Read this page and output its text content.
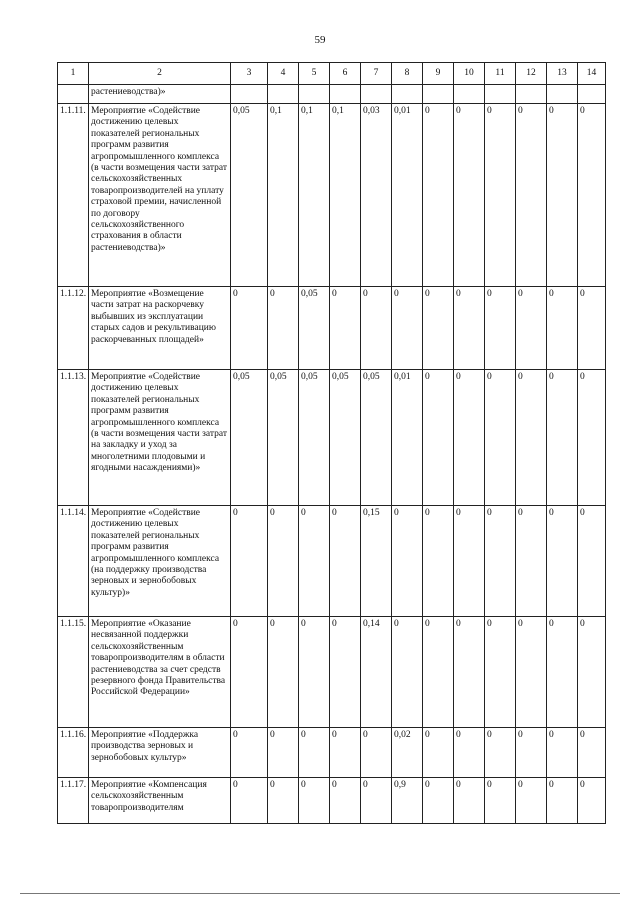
59
1	2	3	4	5	6	7	8	9	10	11	12	13	14
	растениеводства)»												
1.1.11.	Мероприятие «Содействие достижению целевых показателей региональных программ развития агропромышленного комплекса (в части возмещения части затрат сельскохозяйственных товаропроизводителей на уплату страховой премии, начисленной по договору сельскохозяйственного страхования в области растениеводства)»	0,05	0,1	0,1	0,1	0,03	0,01	0	0	0	0	0	0
1.1.12.	Мероприятие «Возмещение части затрат на раскорчевку выбывших из эксплуатации старых садов и рекультивацию раскорчеванных площадей»	0	0	0,05	0	0	0	0	0	0	0	0	0
1.1.13.	Мероприятие «Содействие достижению целевых показателей региональных программ развития агропромышленного комплекса (в части возмещения части затрат на закладку и уход за многолетними плодовыми и ягодными насаждениями)»	0,05	0,05	0,05	0,05	0,05	0,01	0	0	0	0	0	0
1.1.14.	Мероприятие «Содействие достижению целевых показателей региональных программ развития агропромышленного комплекса (на поддержку производства зерновых и зернобобовых культур)»	0	0	0	0	0,15	0	0	0	0	0	0	0
1.1.15.	Мероприятие «Оказание несвязанной поддержки сельскохозяйственным товаропроизводителям в области растениеводства за счет средств резервного фонда Правительства Российской Федерации»	0	0	0	0	0,14	0	0	0	0	0	0	0
1.1.16.	Мероприятие «Поддержка производства зерновых и зернобобовых культур»	0	0	0	0	0	0,02	0	0	0	0	0	0
1.1.17.	Мероприятие «Компенсация сельскохозяйственным товаропроизводителям	0	0	0	0	0	0,9	0	0	0	0	0	0
